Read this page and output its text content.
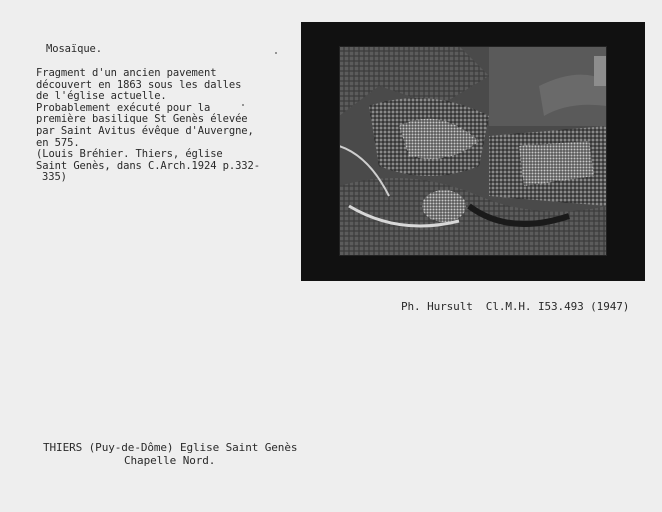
Mosaïque.
Fragment d'un ancien pavement
découvert en 1863 sous les dalles
de l'église actuelle.
Probablement exécuté pour la
première basilique St Genès élevée
par Saint Avitus évêque d'Auvergne,
en 575.
(Louis Bréhier. Thiers, église
Saint Genès, dans C.Arch.1924 p.332-
335)
Ph. Hursult  Cl.M.H. I53.493 (1947)
THIERS (Puy-de-Dôme) Eglise Saint Genès
Chapelle Nord.
